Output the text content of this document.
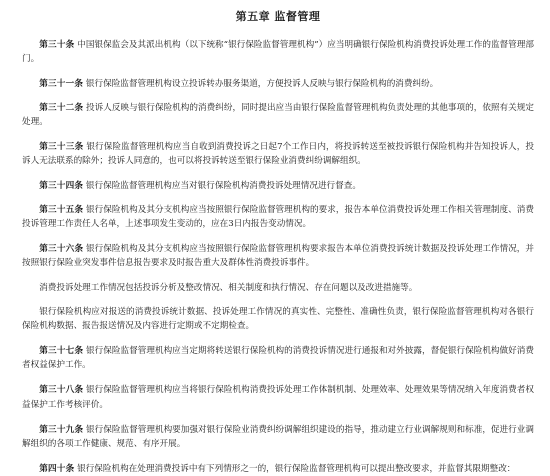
第五章 监督管理

第三十条 中国银保监会及其派出机构（以下统称“银行保险监督管理机构”）应当明确银行保险机构消费投诉处理工作的监督管理部门。

第三十一条 银行保险监督管理机构设立投诉转办服务渠道，方便投诉人反映与银行保险机构的消费纠纷。

第三十二条 投诉人反映与银行保险机构的消费纠纷，同时提出应当由银行保险监督管理机构负责处理的其他事项的，依照有关规定处理。

第三十三条 银行保险监督管理机构应当自收到消费投诉之日起7个工作日内，将投诉转送至被投诉银行保险机构并告知投诉人，投诉人无法联系的除外；投诉人同意的，也可以将投诉转送至银行保险业消费纠纷调解组织。

第三十四条 银行保险监督管理机构应当对银行保险机构消费投诉处理情况进行督查。

第三十五条 银行保险机构及其分支机构应当按照银行保险监督管理机构的要求，报告本单位消费投诉处理工作相关管理制度、消费投诉管理工作责任人名单，上述事项发生变动的，应在3日内报告变动情况。

第三十六条 银行保险机构及其分支机构应当按照银行保险监督管理机构要求报告本单位消费投诉统计数据及投诉处理工作情况，并按照银行保险业突发事件信息报告要求及时报告重大及群体性消费投诉事件。

消费投诉处理工作情况包括投诉分析及整改情况、相关制度和执行情况、存在问题以及改进措施等。

银行保险机构应对报送的消费投诉统计数据、投诉处理工作情况的真实性、完整性、准确性负责，银行保险监督管理机构对各银行保险机构数据、报告报送情况及内容进行定期或不定期检查。

第三十七条 银行保险监督管理机构应当定期将转送银行保险机构的消费投诉情况进行通报和对外披露，督促银行保险机构做好消费者权益保护工作。

第三十八条 银行保险监督管理机构应当将银行保险机构消费投诉处理工作体制机制、处理效率、处理效果等情况纳入年度消费者权益保护工作考核评价。

第三十九条 银行保险监督管理机构要加强对银行保险业消费纠纷调解组织建设的指导，推动建立行业调解规则和标准，促进行业调解组织的各项工作健康、规范、有序开展。

第四十条 银行保险机构在处理消费投诉中有下列情形之一的，银行保险监督管理机构可以提出整改要求，并监督其限期整改：
